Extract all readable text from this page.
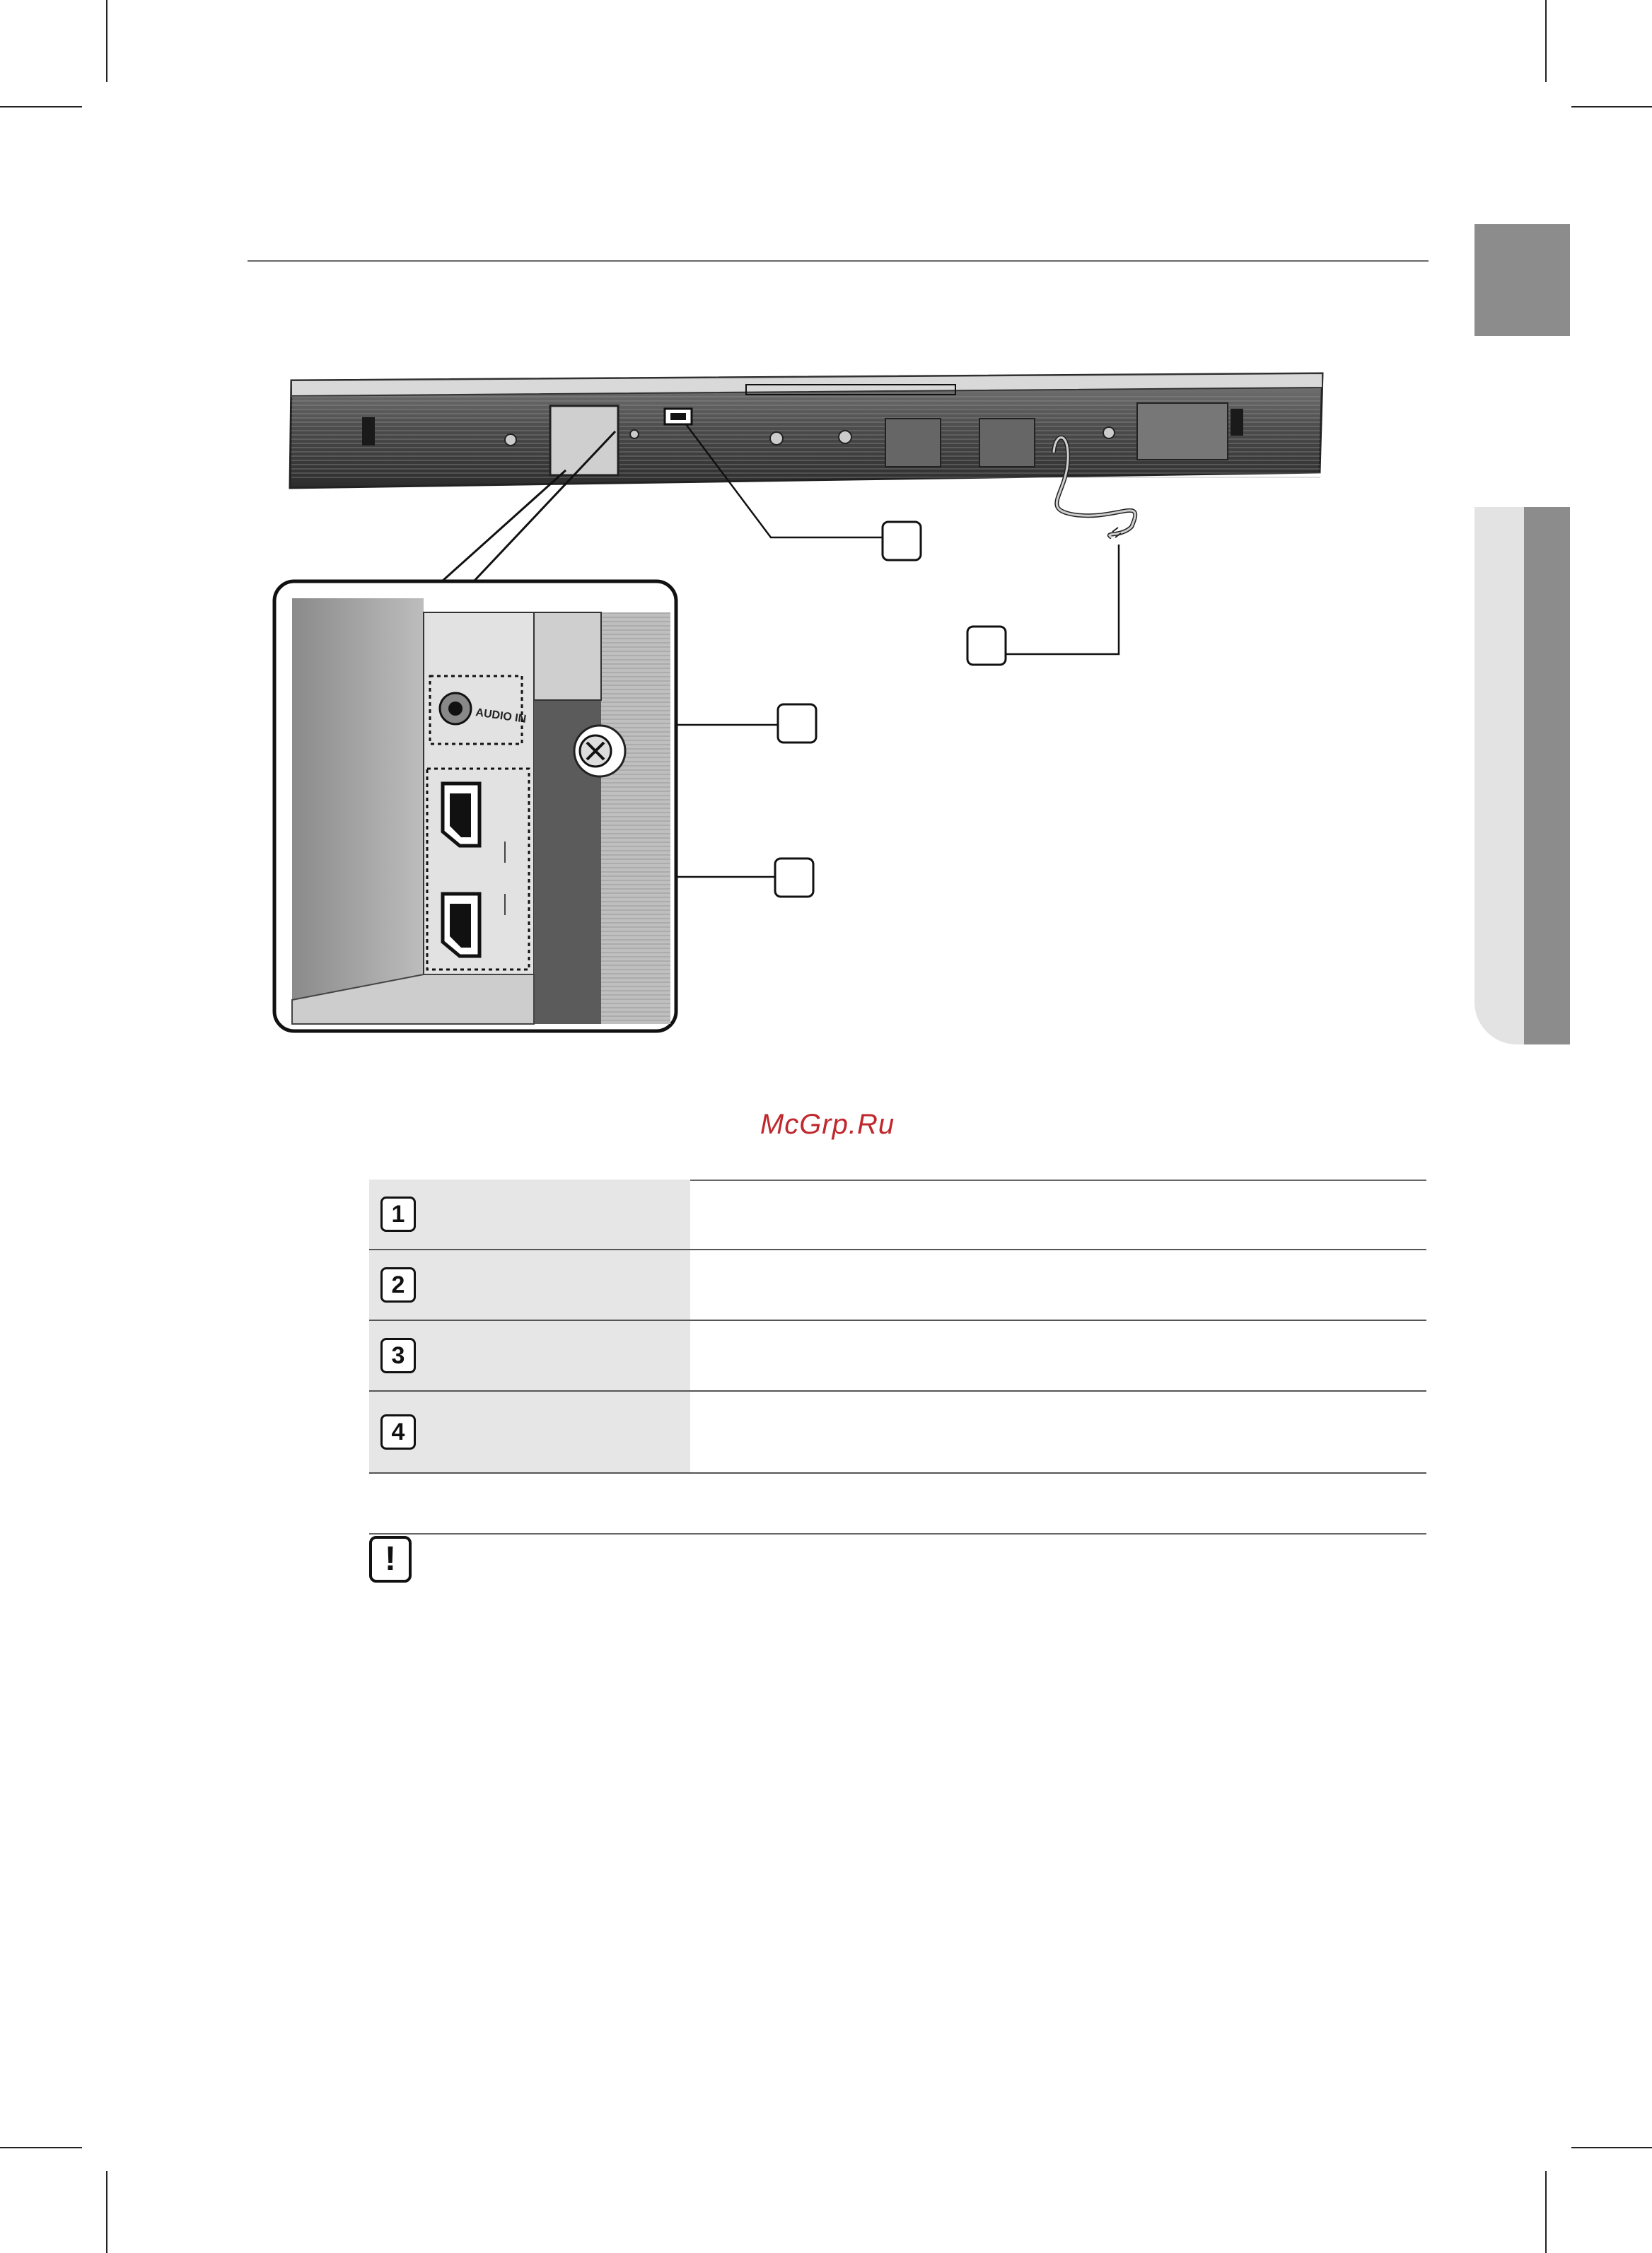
AUDIO IN
McGrp.Ru
1
2
3
4
!
